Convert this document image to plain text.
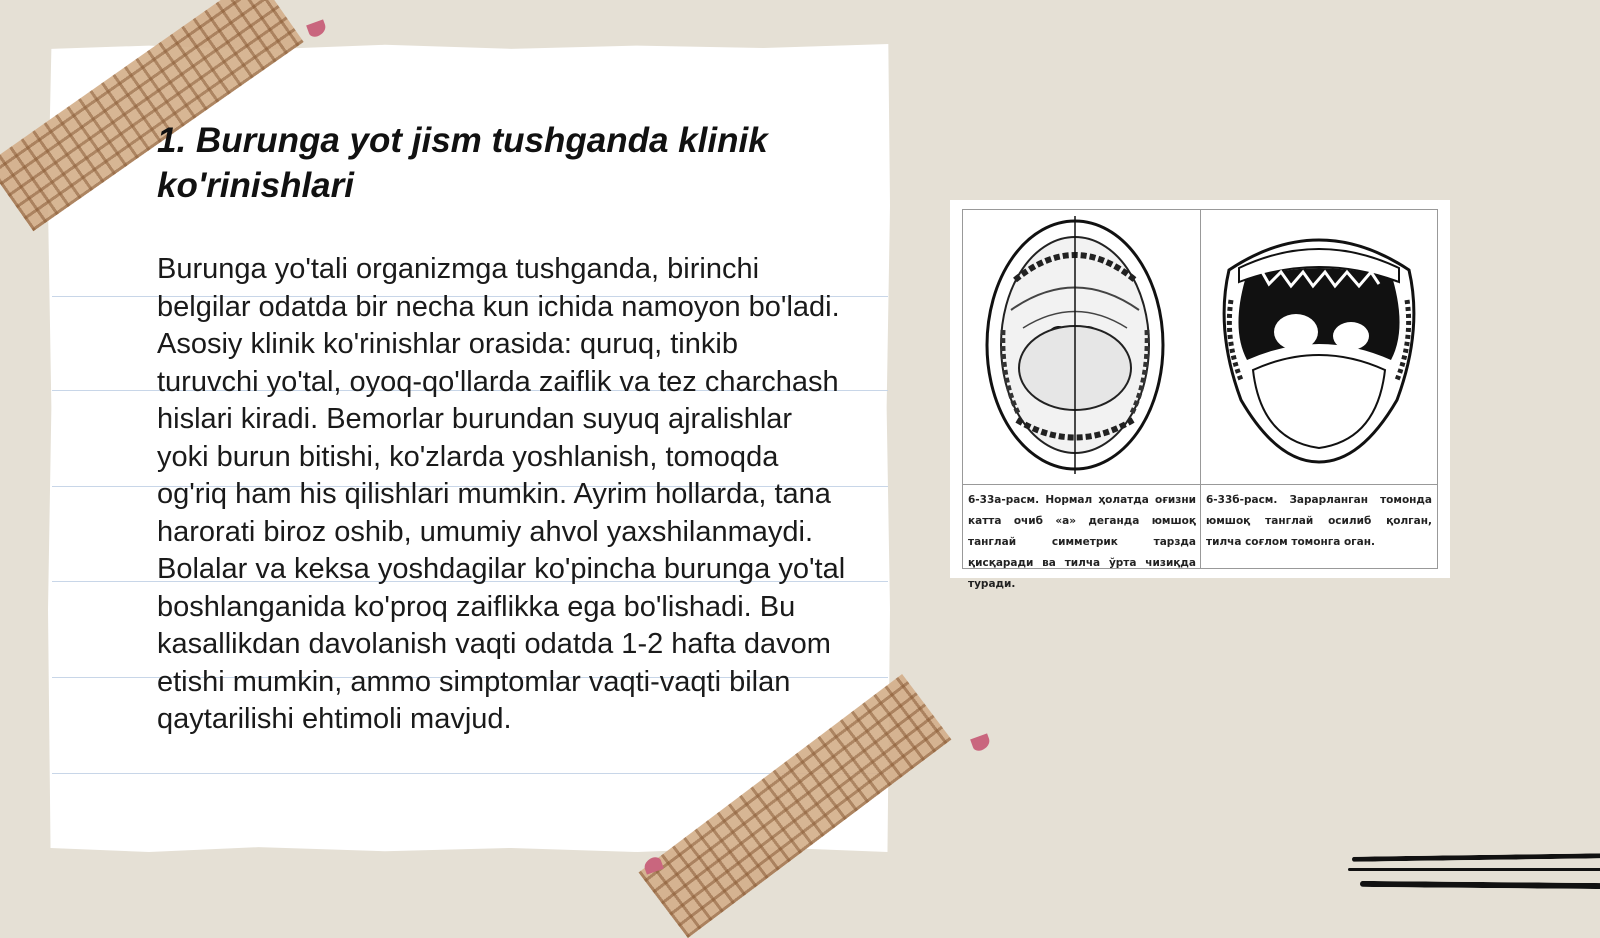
1. Burunga yot jism tushganda klinik ko'rinishlari

Burunga yo'tali organizmga tushganda, birinchi belgilar odatda bir necha kun ichida namoyon bo'ladi. Asosiy klinik ko'rinishlar orasida: quruq, tinkib turuvchi yo'tal, oyoq-qo'llarda zaiflik va tez charchash hislari kiradi. Bemorlar burundan suyuq ajralishlar yoki burun bitishi, ko'zlarda yoshlanish, tomoqda og'riq ham his qilishlari mumkin. Ayrim hollarda, tana harorati biroz oshib, umumiy ahvol yaxshilanmaydi. Bolalar va keksa yoshdagilar ko'pincha burunga yo'tal boshlanganida ko'proq zaiflikka ega bo'lishadi. Bu kasallikdan davolanish vaqti odatda 1-2 hafta davom etishi mumkin, ammo simptomlar vaqti-vaqti bilan qaytarilishi ehtimoli mavjud.

6-33а-расм. Нормал ҳолатда оғизни катта очиб «а» деганда юмшоқ танглай симметрик тарзда қисқаради ва тилча ўрта чизиқда туради.

6-33б-расм. Зарарланган томонда юмшоқ танглай осилиб қолган, тилча соғлом томонга оган.
